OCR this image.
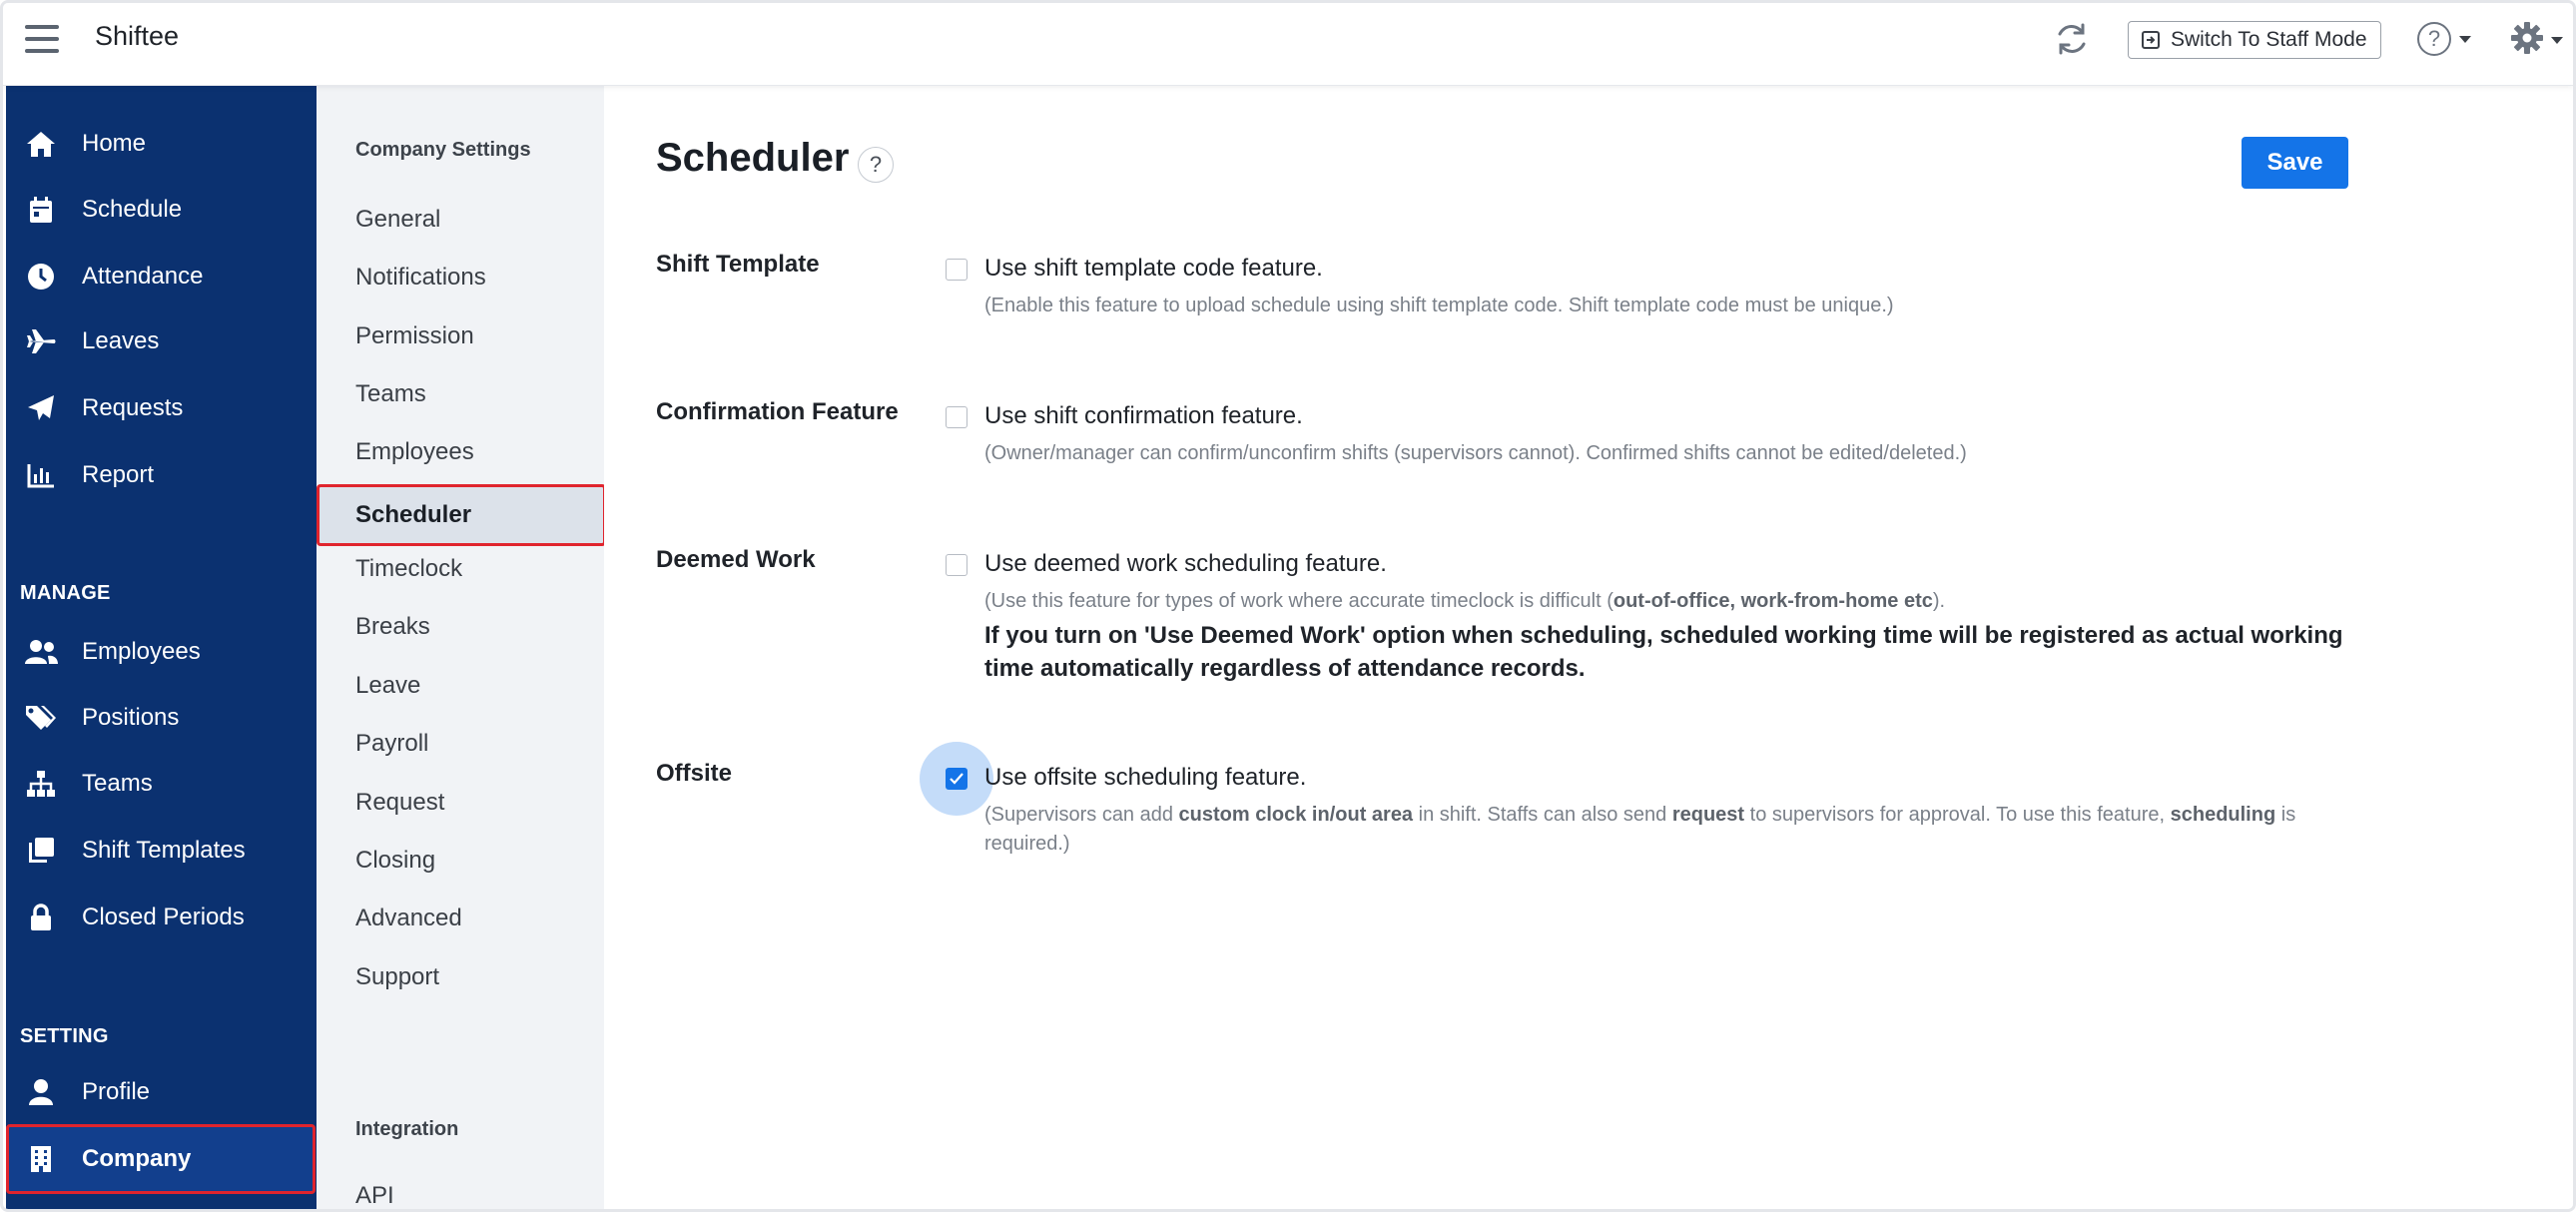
Shiftee	Switch To Staff Mode	?
Home
Schedule
Attendance
Leaves
Requests
Report
MANAGE
Employees
Positions
Teams
Shift Templates
Closed Periods
SETTING
Profile
Company
Company Settings
General
Notifications
Permission
Teams
Employees
Scheduler
Timeclock
Breaks
Leave
Payroll
Request
Closing
Advanced
Support
Integration
API
Scheduler ?	Save
Shift Template	Use shift template code feature.
(Enable this feature to upload schedule using shift template code. Shift template code must be unique.)
Confirmation Feature	Use shift confirmation feature.
(Owner/manager can confirm/unconfirm shifts (supervisors cannot). Confirmed shifts cannot be edited/deleted.)
Deemed Work	Use deemed work scheduling feature.
(Use this feature for types of work where accurate timeclock is difficult (out-of-office, work-from-home etc).
If you turn on 'Use Deemed Work' option when scheduling, scheduled working time will be registered as actual working time automatically regardless of attendance records.
Offsite	Use offsite scheduling feature.
(Supervisors can add custom clock in/out area in shift. Staffs can also send request to supervisors for approval. To use this feature, scheduling is required.)
